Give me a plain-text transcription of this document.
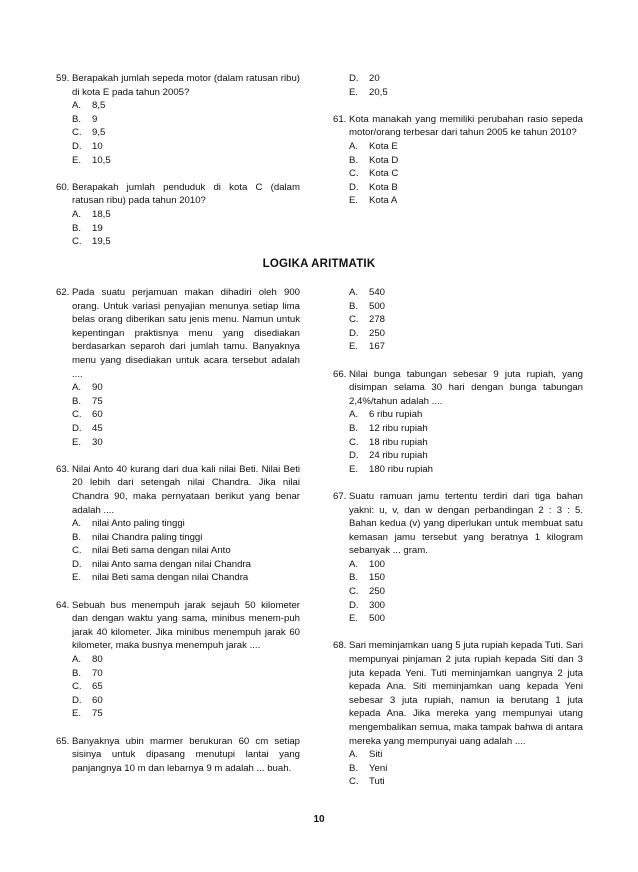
59. Berapakah jumlah sepeda motor (dalam ratusan ribu) di kota E pada tahun 2005?
A. 8,5
B. 9
C. 9,5
D. 10
E. 10,5
60. Berapakah jumlah penduduk di kota C (dalam ratusan ribu) pada tahun 2010?
A. 18,5
B. 19
C. 19,5
D. 20
E. 20,5
61. Kota manakah yang memiliki perubahan rasio sepeda motor/orang terbesar dari tahun 2005 ke tahun 2010?
A. Kota E
B. Kota D
C. Kota C
D. Kota B
E. Kota A
LOGIKA ARITMATIK
62. Pada suatu perjamuan makan dihadiri oleh 900 orang. Untuk variasi penyajian menunya setiap lima belas orang diberikan satu jenis menu. Namun untuk kepentingan praktisnya menu yang disediakan berdasarkan separoh dari jumlah tamu. Banyaknya menu yang disediakan untuk acara tersebut adalah ....
A. 90
B. 75
C. 60
D. 45
E. 30
63. Nilai Anto 40 kurang dari dua kali nilai Beti. Nilai Beti 20 lebih dari setengah nilai Chandra. Jika nilai Chandra 90, maka pernyataan berikut yang benar adalah ....
A. nilai Anto paling tinggi
B. nilai Chandra paling tinggi
C. nilai Beti sama dengan nilai Anto
D. nilai Anto sama dengan nilai Chandra
E. nilai Beti sama dengan nilai Chandra
64. Sebuah bus menempuh jarak sejauh 50 kilometer dan dengan waktu yang sama, minibus menem-puh jarak 40 kilometer. Jika minibus menempuh jarak 60 kilometer, maka busnya menempuh jarak ....
A. 80
B. 70
C. 65
D. 60
E. 75
65. Banyaknya ubin marmer berukuran 60 cm setiap sisinya untuk dipasang menutupi lantai yang panjangnya 10 m dan lebarnya 9 m adalah ... buah.
A. 540
B. 500
C. 278
D. 250
E. 167
66. Nilai bunga tabungan sebesar 9 juta rupiah, yang disimpan selama 30 hari dengan bunga tabungan 2,4%/tahun adalah ....
A. 6 ribu rupiah
B. 12 ribu rupiah
C. 18 ribu rupiah
D. 24 ribu rupiah
E. 180 ribu rupiah
67. Suatu ramuan jamu tertentu terdiri dari tiga bahan yakni: u, v, dan w dengan perbandingan 2 : 3 : 5. Bahan kedua (v) yang diperlukan untuk membuat satu kemasan jamu tersebut yang beratnya 1 kilogram sebanyak ... gram.
A. 100
B. 150
C. 250
D. 300
E. 500
68. Sari meminjamkan uang 5 juta rupiah kepada Tuti. Sari mempunyai pinjaman 2 juta rupiah kepada Siti dan 3 juta kepada Yeni. Tuti meminjamkan uangnya 2 juta kepada Ana. Siti meminjamkan uang kepada Yeni sebesar 3 juta rupiah, namun ia berutang 1 juta kepada Ana. Jika mereka yang mempunyai utang mengembalikan semua, maka tampak bahwa di antara mereka yang mempunyai uang adalah ....
A. Siti
B. Yeni
C. Tuti
10
